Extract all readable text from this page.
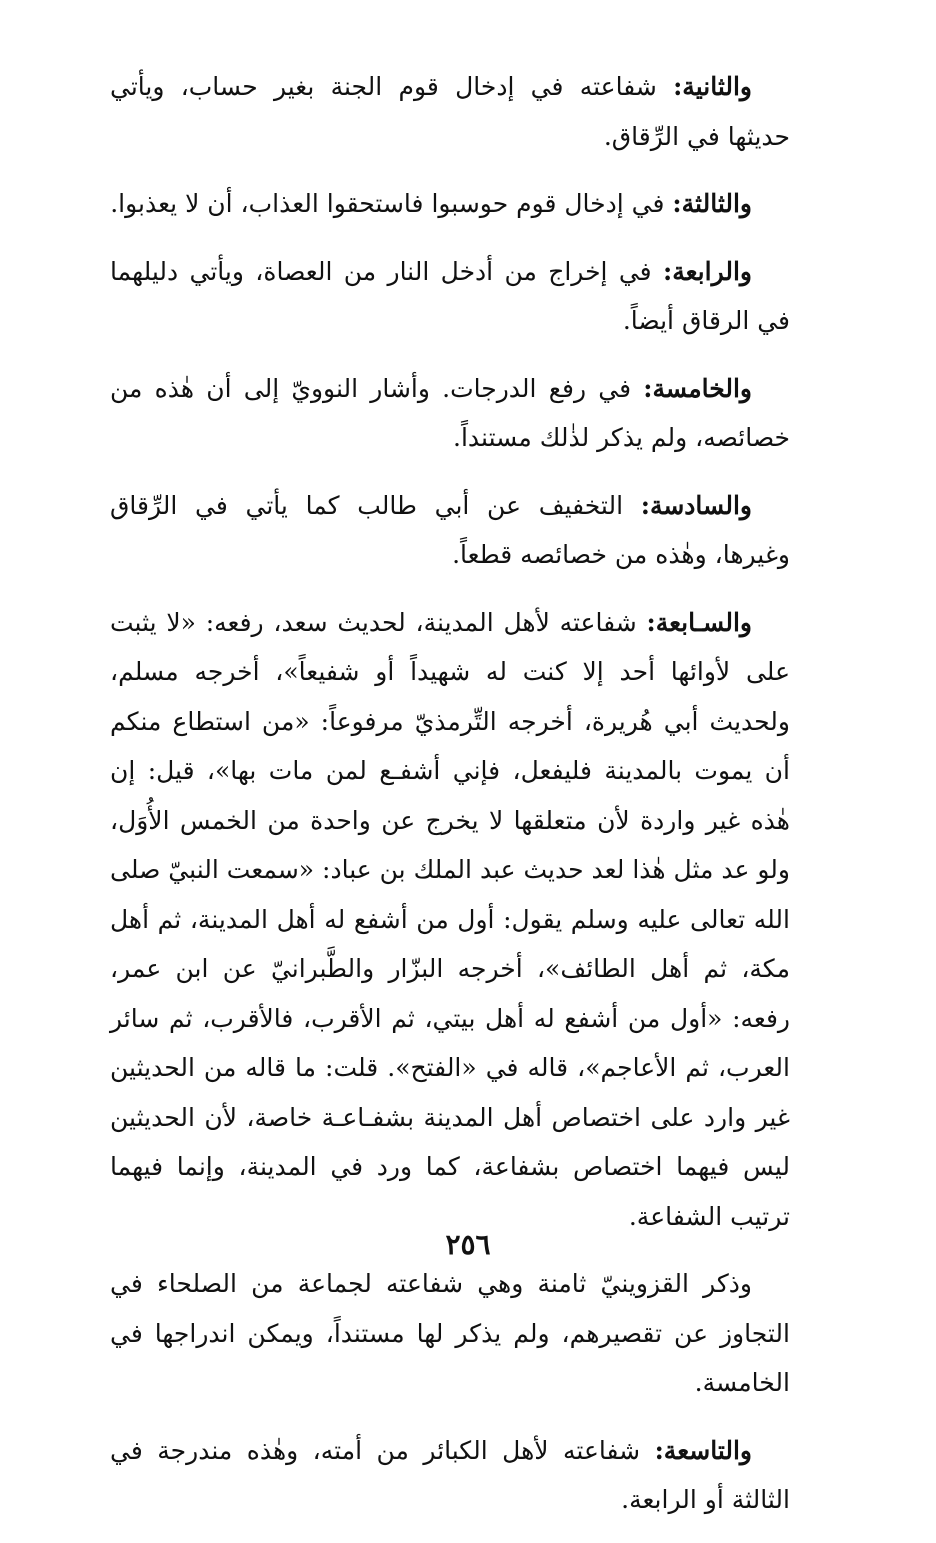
والثانية: شفاعته في إدخال قوم الجنة بغير حساب، ويأتي حديثها في الرِّقاق.

والثالثة: في إدخال قوم حوسبوا فاستحقوا العذاب، أن لا يعذبوا.

والرابعة: في إخراج من أدخل النار من العصاة، ويأتي دليلهما في الرقاق أيضاً.

والخامسة: في رفع الدرجات. وأشار النوويّ إلى أن هٰذه من خصائصه، ولم يذكر لذٰلك مستنداً.

والسادسة: التخفيف عن أبي طالب كما يأتي في الرِّقاق وغيرها، وهٰذه من خصائصه قطعاً.

والسـابعة: شفاعته لأهل المدينة، لحديث سعد، رفعه: «لا يثبت على لأوائها أحد إلا كنت له شهيداً أو شفيعاً»، أخرجه مسلم، ولحديث أبي هُريرة، أخرجه التِّرمذيّ مرفوعاً: «من استطاع منكم أن يموت بالمدينة فليفعل، فإني أشفـع لمن مات بها»، قيل: إن هٰذه غير واردة لأن متعلقها لا يخرج عن واحدة من الخمس الأُوَل، ولو عد مثل هٰذا لعد حديث عبد الملك بن عباد: «سمعت النبيّ صلى الله تعالى عليه وسلم يقول: أول من أشفع له أهل المدينة، ثم أهل مكة، ثم أهل الطائف»، أخرجه البزّار والطَّبرانيّ عن ابن عمر، رفعه: «أول من أشفع له أهل بيتي، ثم الأقرب، فالأقرب، ثم سائر العرب، ثم الأعاجم»، قاله في «الفتح». قلت: ما قاله من الحديثين غير وارد على اختصاص أهل المدينة بشفـاعـة خاصة، لأن الحديثين ليس فيهما اختصاص بشفاعة، كما ورد في المدينة، وإنما فيهما ترتيب الشفاعة.

وذكر القزوينيّ ثامنة وهي شفاعته لجماعة من الصلحاء في التجاوز عن تقصيرهم، ولم يذكر لها مستنداً، ويمكن اندراجها في الخامسة.

والتاسعة: شفاعته لأهل الكبائر من أمته، وهٰذه مندرجة في الثالثة أو الرابعة.

٢٥٦
